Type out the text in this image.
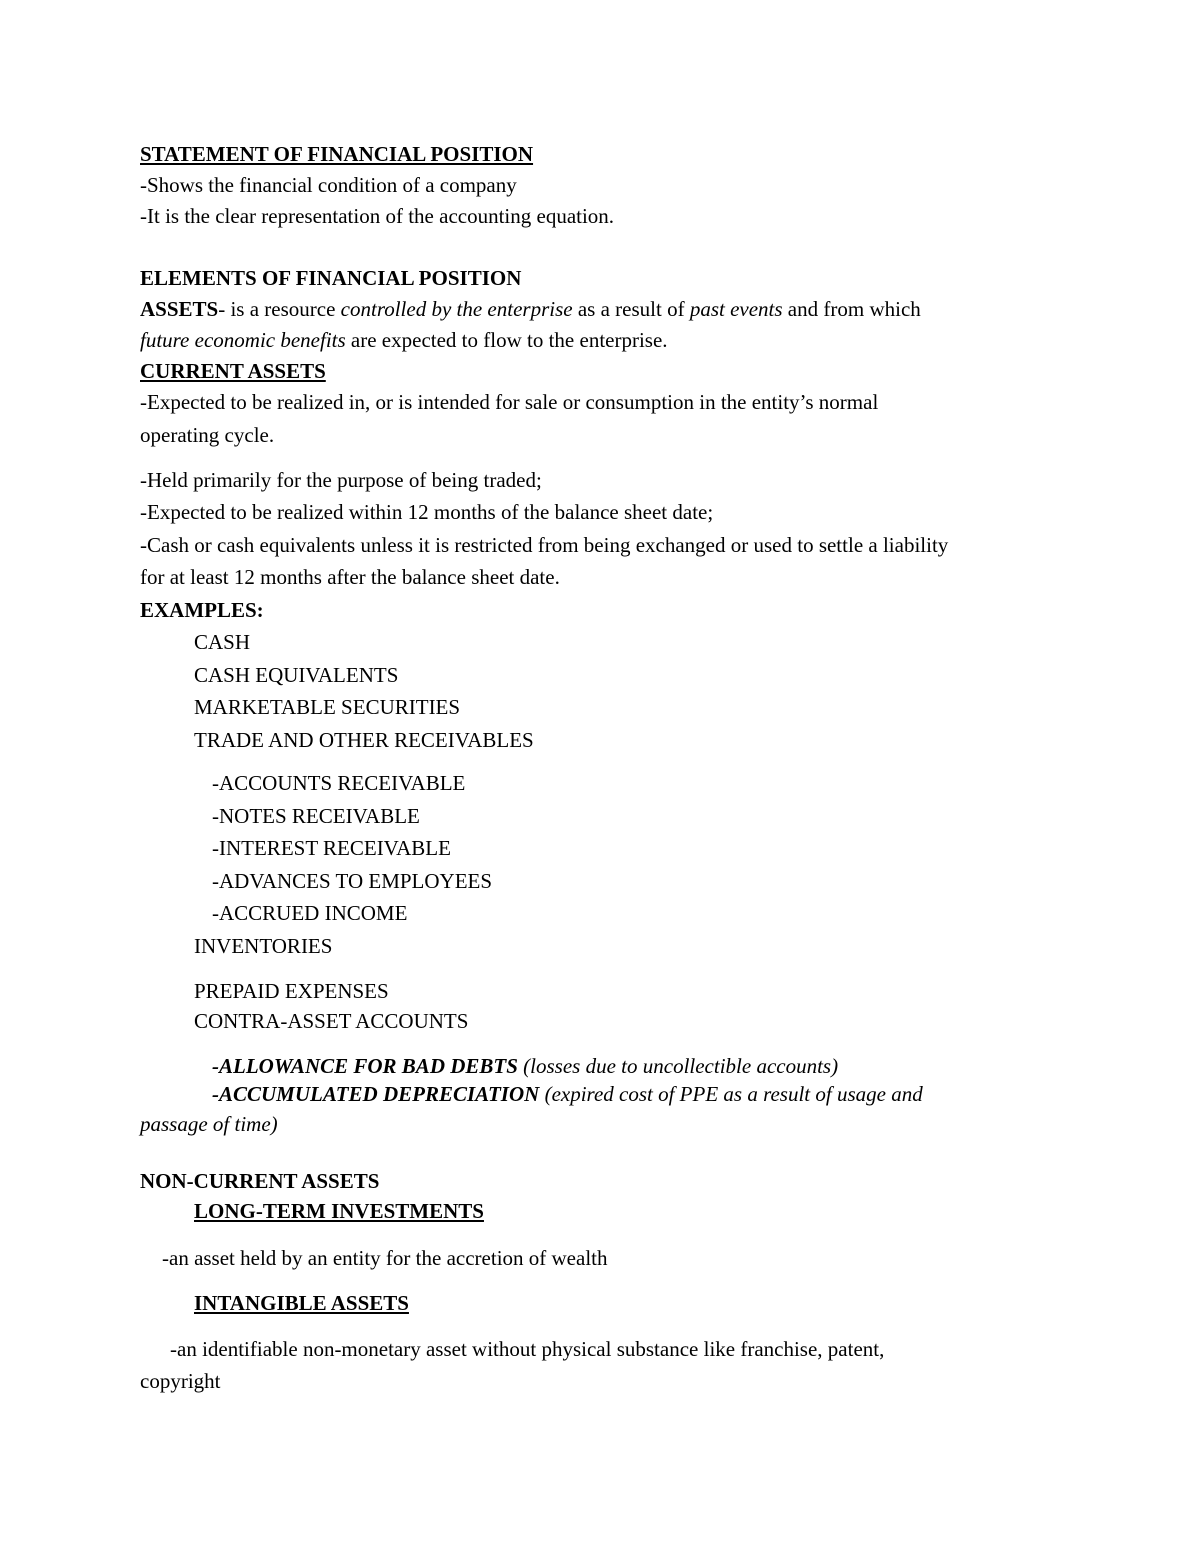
STATEMENT OF FINANCIAL POSITION
-Shows the financial condition of a company
-It is the clear representation of the accounting equation.
ELEMENTS OF FINANCIAL POSITION
ASSETS- is a resource controlled by the enterprise as a result of past events and from which
future economic benefits are expected to flow to the enterprise.
CURRENT ASSETS
-Expected to be realized in, or is intended for sale or consumption in the entity’s normal
operating cycle.
-Held primarily for the purpose of being traded;
-Expected to be realized within 12 months of the balance sheet date;
-Cash or cash equivalents unless it is restricted from being exchanged or used to settle a liability
for at least 12 months after the balance sheet date.
EXAMPLES:
CASH
CASH EQUIVALENTS
MARKETABLE SECURITIES
TRADE AND OTHER RECEIVABLES
-ACCOUNTS RECEIVABLE
-NOTES RECEIVABLE
-INTEREST RECEIVABLE
-ADVANCES TO EMPLOYEES
-ACCRUED INCOME
INVENTORIES
PREPAID EXPENSES
CONTRA-ASSET ACCOUNTS
-ALLOWANCE FOR BAD DEBTS (losses due to uncollectible accounts)
-ACCUMULATED DEPRECIATION (expired cost of PPE as a result of usage and
passage of time)
NON-CURRENT ASSETS
LONG-TERM INVESTMENTS
-an asset held by an entity for the accretion of wealth
INTANGIBLE ASSETS
-an identifiable non-monetary asset without physical substance like franchise, patent,
copyright
